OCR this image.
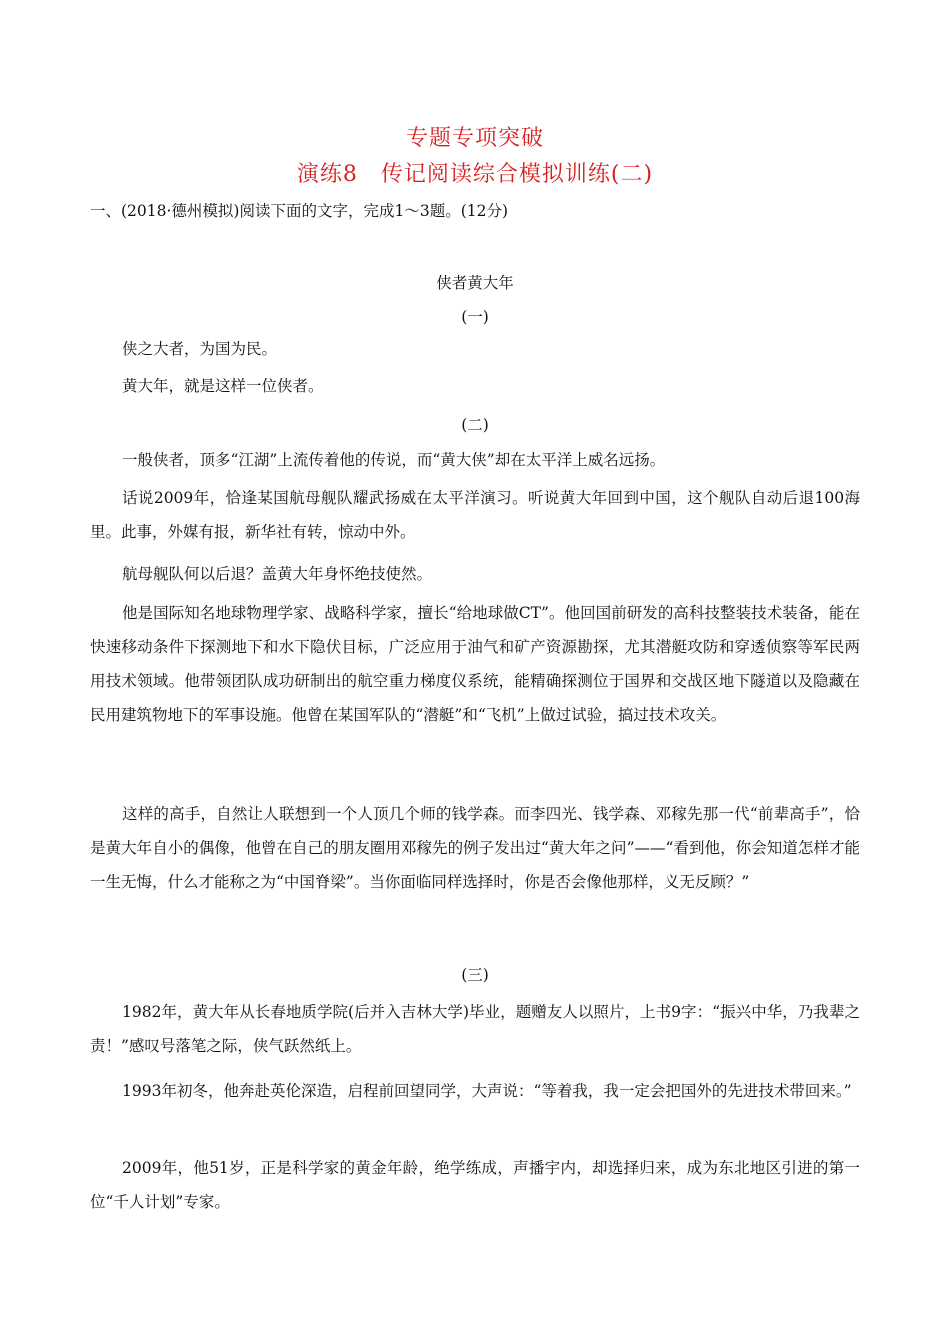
专题专项突破
演练8　传记阅读综合模拟训练(二)
一、(2018·德州模拟)阅读下面的文字，完成1～3题。(12分)
侠者黄大年
(一)
侠之大者，为国为民。
黄大年，就是这样一位侠者。
(二)
一般侠者，顶多“江湖”上流传着他的传说，而“黄大侠”却在太平洋上威名远扬。
话说2009年，恰逢某国航母舰队耀武扬威在太平洋演习。听说黄大年回到中国，这个舰队自动后退100海里。此事，外媒有报，新华社有转，惊动中外。
航母舰队何以后退？盖黄大年身怀绝技使然。
他是国际知名地球物理学家、战略科学家，擅长“给地球做CT”。他回国前研发的高科技整装技术装备，能在快速移动条件下探测地下和水下隐伏目标，广泛应用于油气和矿产资源勘探，尤其潜艇攻防和穿透侦察等军民两用技术领域。他带领团队成功研制出的航空重力梯度仪系统，能精确探测位于国界和交战区地下隧道以及隐藏在民用建筑物地下的军事设施。他曾在某国军队的“潜艇”和“飞机”上做过试验，搞过技术攻关。
这样的高手，自然让人联想到一个人顶几个师的钱学森。而李四光、钱学森、邓稼先那一代“前辈高手”，恰是黄大年自小的偶像，他曾在自己的朋友圈用邓稼先的例子发出过“黄大年之问”——“看到他，你会知道怎样才能一生无悔，什么才能称之为“中国脊梁”。当你面临同样选择时，你是否会像他那样，义无反顾？”
(三)
1982年，黄大年从长春地质学院(后并入吉林大学)毕业，题赠友人以照片，上书9字：“振兴中华，乃我辈之责！”感叹号落笔之际，侠气跃然纸上。
1993年初冬，他奔赴英伦深造，启程前回望同学，大声说：“等着我，我一定会把国外的先进技术带回来。”
2009年，他51岁，正是科学家的黄金年龄，绝学练成，声播宇内，却选择归来，成为东北地区引进的第一位“千人计划”专家。
